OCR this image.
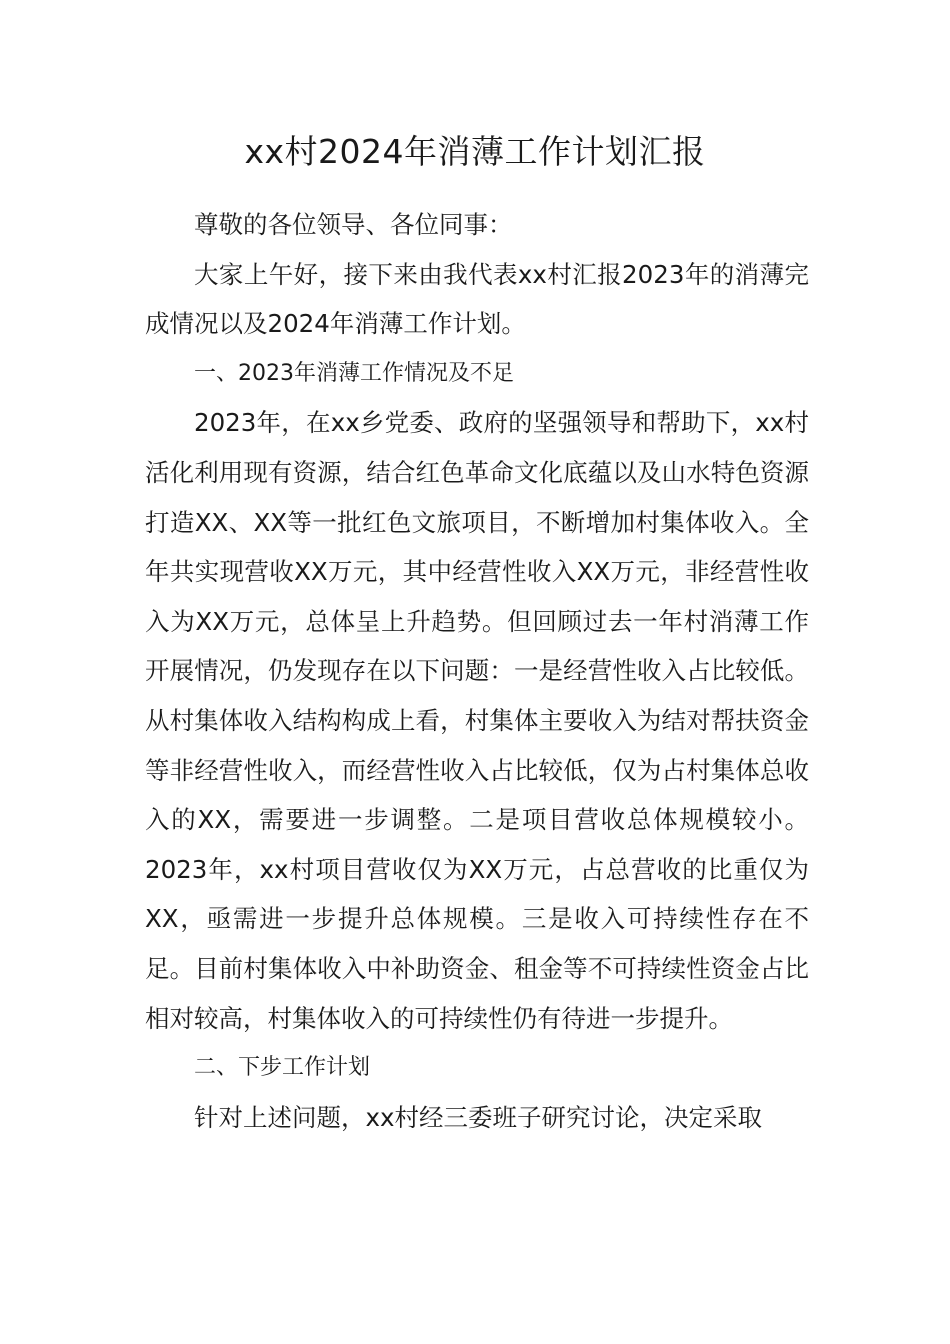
xx村2024年消薄工作计划汇报

尊敬的各位领导、各位同事：

大家上午好，接下来由我代表xx村汇报2023年的消薄完成情况以及2024年消薄工作计划。

一、2023年消薄工作情况及不足

2023年，在xx乡党委、政府的坚强领导和帮助下，xx村活化利用现有资源，结合红色革命文化底蕴以及山水特色资源打造XX、XX等一批红色文旅项目，不断增加村集体收入。全年共实现营收XX万元，其中经营性收入XX万元，非经营性收入为XX万元，总体呈上升趋势。但回顾过去一年村消薄工作开展情况，仍发现存在以下问题：一是经营性收入占比较低。从村集体收入结构构成上看，村集体主要收入为结对帮扶资金等非经营性收入，而经营性收入占比较低，仅为占村集体总收入的XX，需要进一步调整。二是项目营收总体规模较小。2023年，xx村项目营收仅为XX万元，占总营收的比重仅为XX，亟需进一步提升总体规模。三是收入可持续性存在不足。目前村集体收入中补助资金、租金等不可持续性资金占比相对较高，村集体收入的可持续性仍有待进一步提升。

二、下步工作计划

针对上述问题，xx村经三委班子研究讨论，决定采取
